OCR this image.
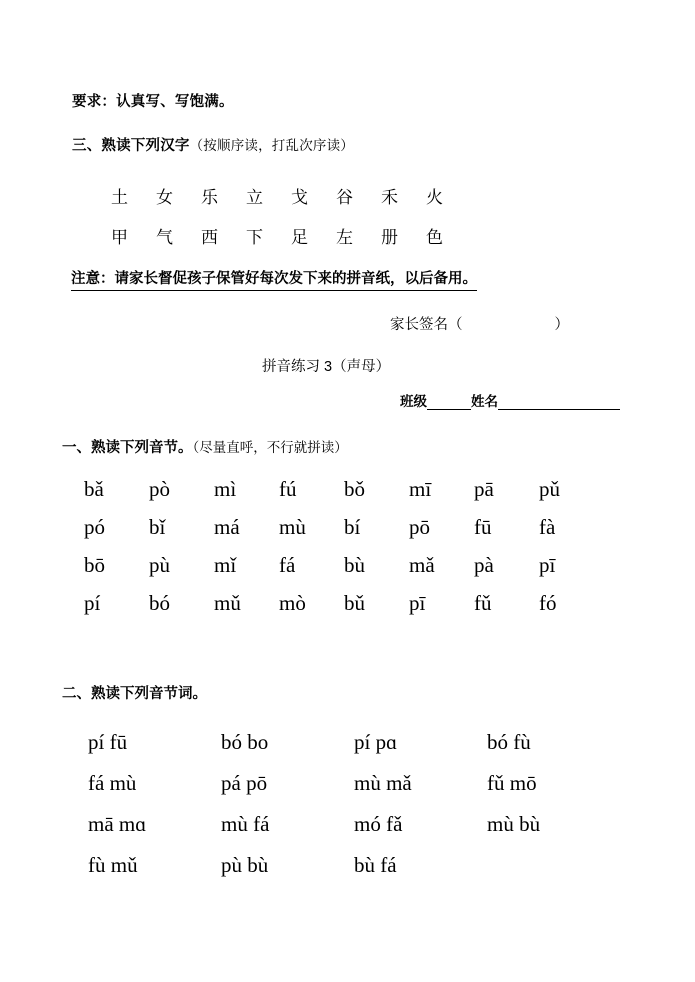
要求：认真写、写饱满。
三、熟读下列汉字（按顺序读，打乱次序读）
土	女	乐	立	戈	谷	禾	火
甲	气	西	下	足	左	册	色
注意：请家长督促孩子保管好每次发下来的拼音纸，以后备用。
家长签名（	）
拼音练习 3（声母）
班级	姓名
一、熟读下列音节。（尽量直呼，不行就拼读）
bǎ	pò	mì	fú	bǒ	mī	pā	pǔ
pó	bǐ	má	mù	bí	pō	fū	fà
bō	pù	mǐ	fá	bù	mǎ	pà	pī
pí	bó	mǔ	mò	bǔ	pī	fǔ	fó
二、熟读下列音节词。
pí fū	bó bo	pí pɑ	bó fù
fá mù	pá pō	mù mǎ	fǔ mō
mā mɑ	mù fá	mó fǎ	mù bù
fù mǔ	pù bù	bù fá
